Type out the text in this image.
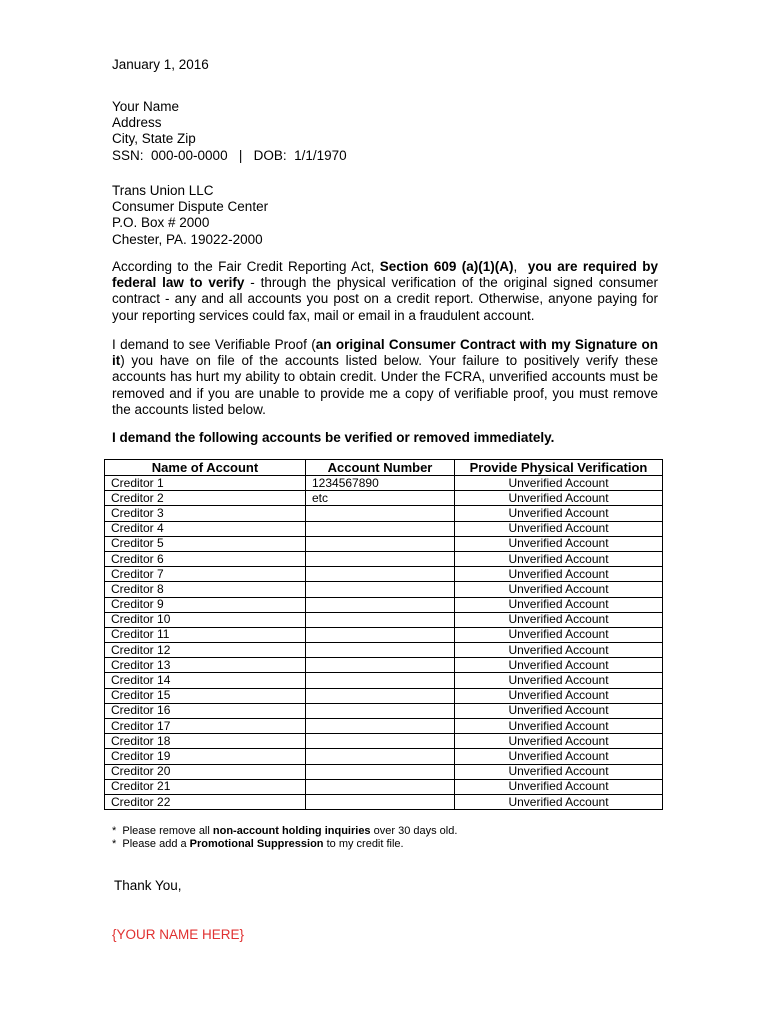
January 1, 2016

Your Name

Address

City, State Zip

SSN:  000-00-0000   |   DOB:  1/1/1970

Trans Union LLC

Consumer Dispute Center

P.O. Box # 2000

Chester, PA. 19022-2000

According to the Fair Credit Reporting Act, Section 609 (a)(1)(A),  you are required by federal law to verify - through the physical verification of the original signed consumer contract - any and all accounts you post on a credit report. Otherwise, anyone paying for your reporting services could fax, mail or email in a fraudulent account.

I demand to see Verifiable Proof (an original Consumer Contract with my Signature on it) you have on file of the accounts listed below. Your failure to positively verify these accounts has hurt my ability to obtain credit. Under the FCRA, unverified accounts must be removed and if you are unable to provide me a copy of verifiable proof, you must remove the accounts listed below.

I demand the following accounts be verified or removed immediately.

Name of Account	Account Number	Provide Physical Verification
Creditor 1	1234567890	Unverified Account
Creditor 2	etc	Unverified Account
Creditor 3		Unverified Account
Creditor 4		Unverified Account
Creditor 5		Unverified Account
Creditor 6		Unverified Account
Creditor 7		Unverified Account
Creditor 8		Unverified Account
Creditor 9		Unverified Account
Creditor 10		Unverified Account
Creditor 11		Unverified Account
Creditor 12		Unverified Account
Creditor 13		Unverified Account
Creditor 14		Unverified Account
Creditor 15		Unverified Account
Creditor 16		Unverified Account
Creditor 17		Unverified Account
Creditor 18		Unverified Account
Creditor 19		Unverified Account
Creditor 20		Unverified Account
Creditor 21		Unverified Account
Creditor 22		Unverified Account
*  Please remove all non-account holding inquiries over 30 days old.
*  Please add a Promotional Suppression to my credit file.
Thank You,
{YOUR NAME HERE}
